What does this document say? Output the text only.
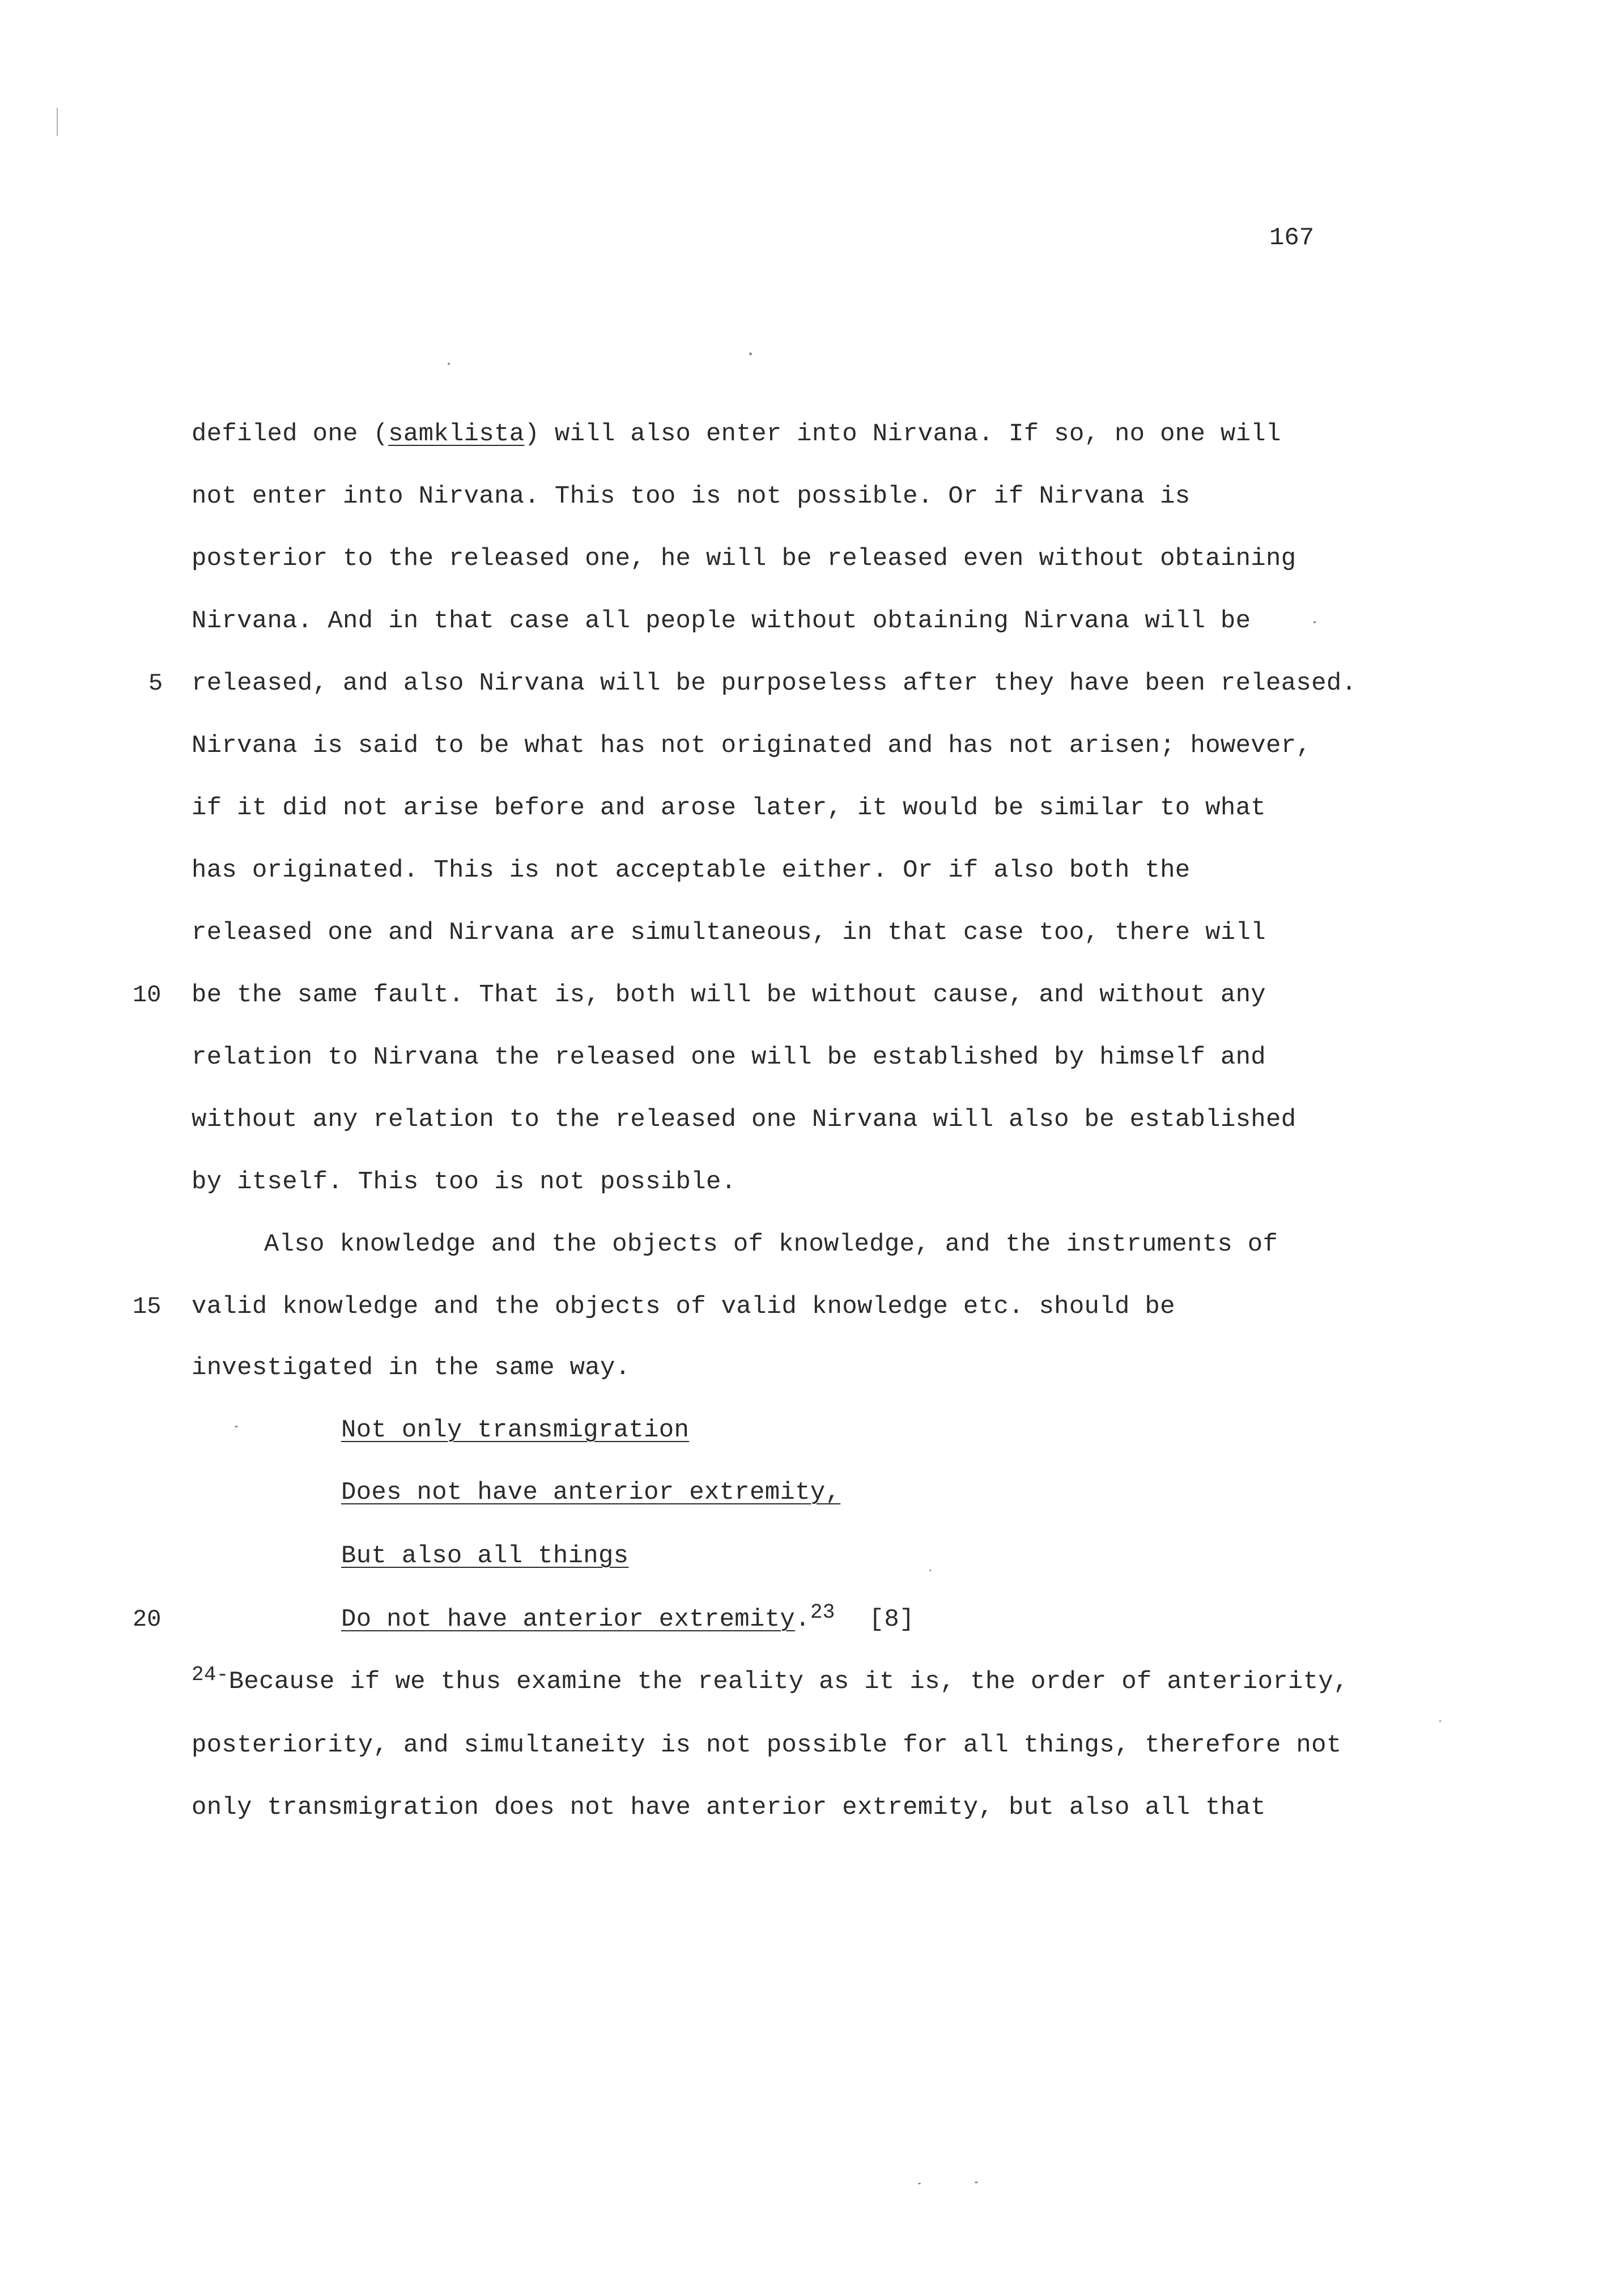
167
5
10
15
20
defiled one (samklista) will also enter into Nirvana. If so, no one will
not enter into Nirvana. This too is not possible. Or if Nirvana is
posterior to the released one, he will be released even without obtaining
Nirvana. And in that case all people without obtaining Nirvana will be
released, and also Nirvana will be purposeless after they have been released.
Nirvana is said to be what has not originated and has not arisen; however,
if it did not arise before and arose later, it would be similar to what
has originated. This is not acceptable either. Or if also both the
released one and Nirvana are simultaneous, in that case too, there will
be the same fault. That is, both will be without cause, and without any
relation to Nirvana the released one will be established by himself and
without any relation to the released one Nirvana will also be established
by itself. This too is not possible.
Also knowledge and the objects of knowledge, and the instruments of
valid knowledge and the objects of valid knowledge etc. should be
investigated in the same way.
Not only transmigration
Does not have anterior extremity,
But also all things
Do not have anterior extremity.$^{23}$ [8]
$^{24-}$Because if we thus examine the reality as it is, the order of anteriority,
posteriority, and simultaneity is not possible for all things, therefore not
only transmigration does not have anterior extremity, but also all that
